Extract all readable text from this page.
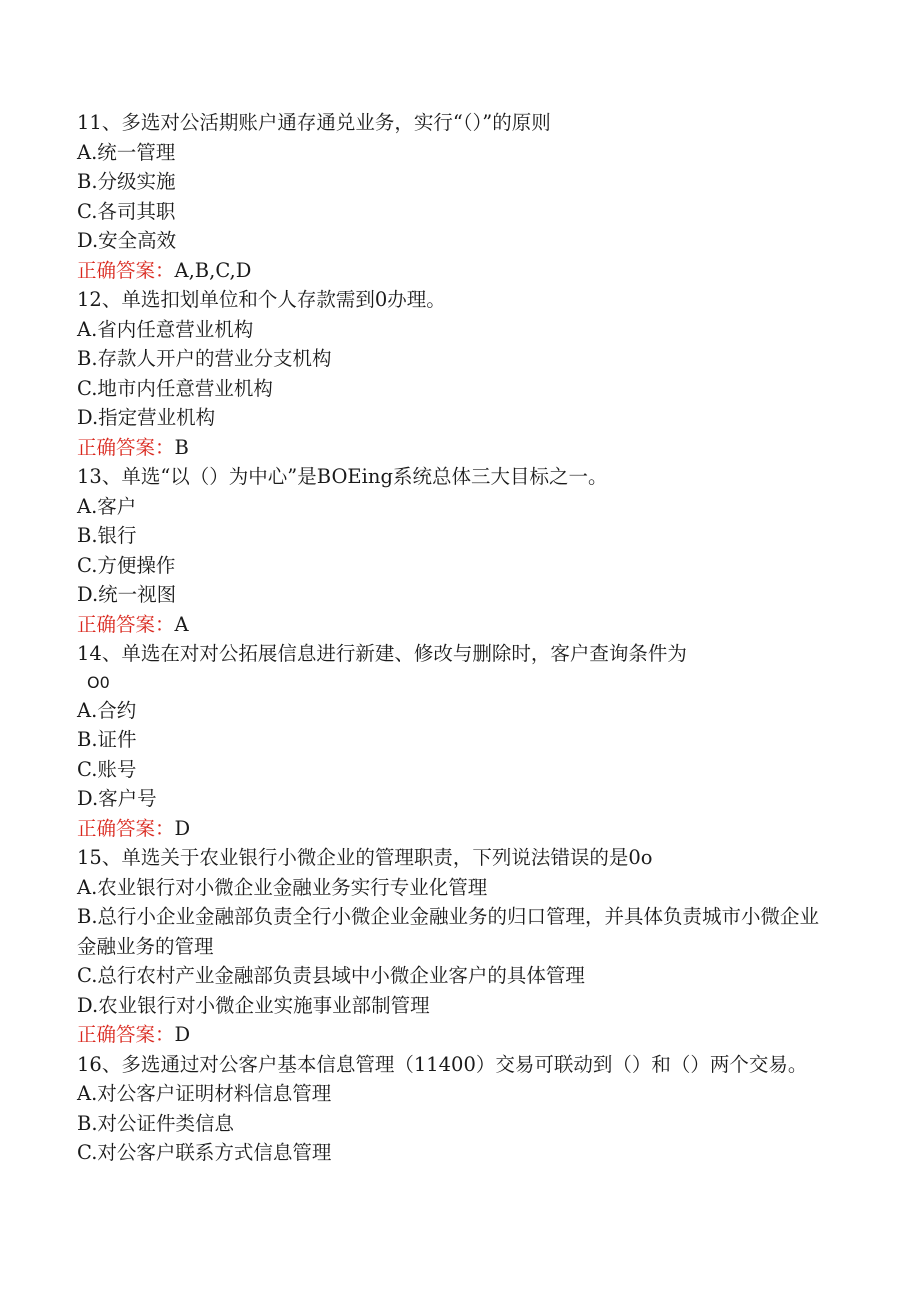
11、多选对公活期账户通存通兑业务，实行“（）”的原则
A.统一管理
B.分级实施
C.各司其职
D.安全高效
正确答案：A,B,C,D
12、单选扣划单位和个人存款需到0办理。
A.省内任意营业机构
B.存款人开户的营业分支机构
C.地市内任意营业机构
D.指定营业机构
正确答案：B
13、单选“以（）为中心”是BOEing系统总体三大目标之一。
A.客户
B.银行
C.方便操作
D.统一视图
正确答案：A
14、单选在对对公拓展信息进行新建、修改与删除时，客户查询条件为
O0
A.合约
B.证件
C.账号
D.客户号
正确答案：D
15、单选关于农业银行小微企业的管理职责，下列说法错误的是0o
A.农业银行对小微企业金融业务实行专业化管理
B.总行小企业金融部负责全行小微企业金融业务的归口管理，并具体负责城市小微企业金融业务的管理
C.总行农村产业金融部负责县域中小微企业客户的具体管理
D.农业银行对小微企业实施事业部制管理
正确答案：D
16、多选通过对公客户基本信息管理（11400）交易可联动到（）和（）两个交易。
A.对公客户证明材料信息管理
B.对公证件类信息
C.对公客户联系方式信息管理
